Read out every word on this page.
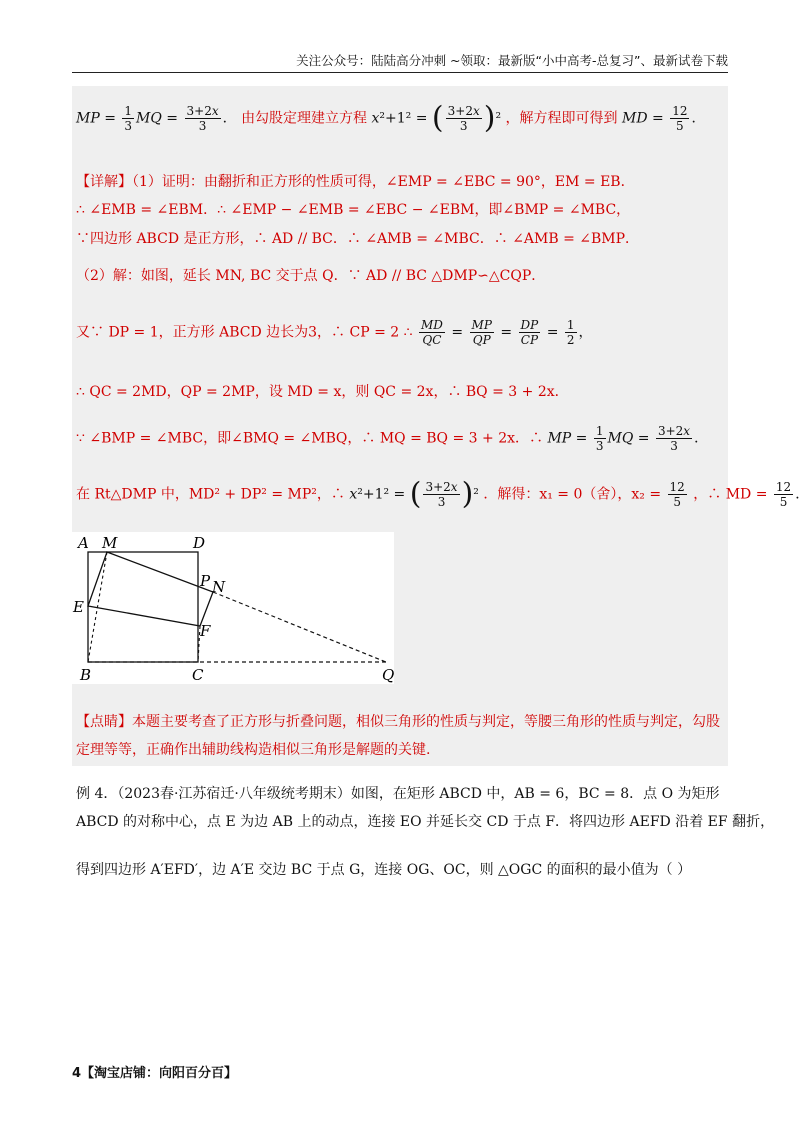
关注公众号：陆陆高分冲刺 ~领取：最新版“小中高考-总复习”、最新试卷下载
MP = $\frac{1}{3}$ MQ = $\frac{3+2x}{3}$ ． 由勾股定理建立方程 x²+1² = ( $\frac{3+2x}{3} )^2$ ，解方程即可得到 MD = $\frac{12}{5}$ ．
【详解】（1）证明：由翻折和正方形的性质可得，∠EMP = ∠EBC = 90°，EM = EB．
∴ ∠EMB = ∠EBM．∴ ∠EMP − ∠EMB = ∠EBC − ∠EBM，即∠BMP = ∠MBC，
∵四边形 ABCD 是正方形，∴ AD // BC．∴ ∠AMB = ∠MBC．∴ ∠AMB = ∠BMP．
（2）解：如图，延长 MN, BC 交于点 Q．∵ AD // BC △DMP∽△CQP．
又∵ DP = 1，正方形 ABCD 边长为3，∴ CP = 2 ∴ $\frac{MD}{QC} = \frac{MP}{QP} = \frac{DP}{CP} = \frac{1}{2}$ ，
∴ QC = 2MD，QP = 2MP，设 MD = x，则 QC = 2x，∴ BQ = 3 + 2x．
∵ ∠BMP = ∠MBC，即∠BMQ = ∠MBQ，∴ MQ = BQ = 3 + 2x．∴ MP = $\frac{1}{3}$ MQ = $\frac{3+2x}{3}$ ．
在 Rt△DMP 中，MD² + DP² = MP²，∴ x²+1² = ( $\frac{3+2x}{3} )^2$ ．解得：x₁ = 0（舍），$x_2 = \frac{12}{5}$ ，∴ MD = $\frac{12}{5}$ ．
A M	D
P N
E
F
B	C	Q
【点睛】本题主要考查了正方形与折叠问题，相似三角形的性质与判定，等腰三角形的性质与判定，勾股
定理等等，正确作出辅助线构造相似三角形是解题的关键.
例 4．（2023春·江苏宿迁·八年级统考期末）如图，在矩形 ABCD 中，AB = 6，BC = 8．点 O 为矩形
ABCD 的对称中心，点 E 为边 AB 上的动点，连接 EO 并延长交 CD 于点 F．将四边形 AEFD 沿着 EF 翻折，
得到四边形 A′EFD′，边 A′E 交边 BC 于点 G，连接 OG、OC，则 △OGC 的面积的最小值为（ ）
4【淘宝店铺：向阳百分百】
